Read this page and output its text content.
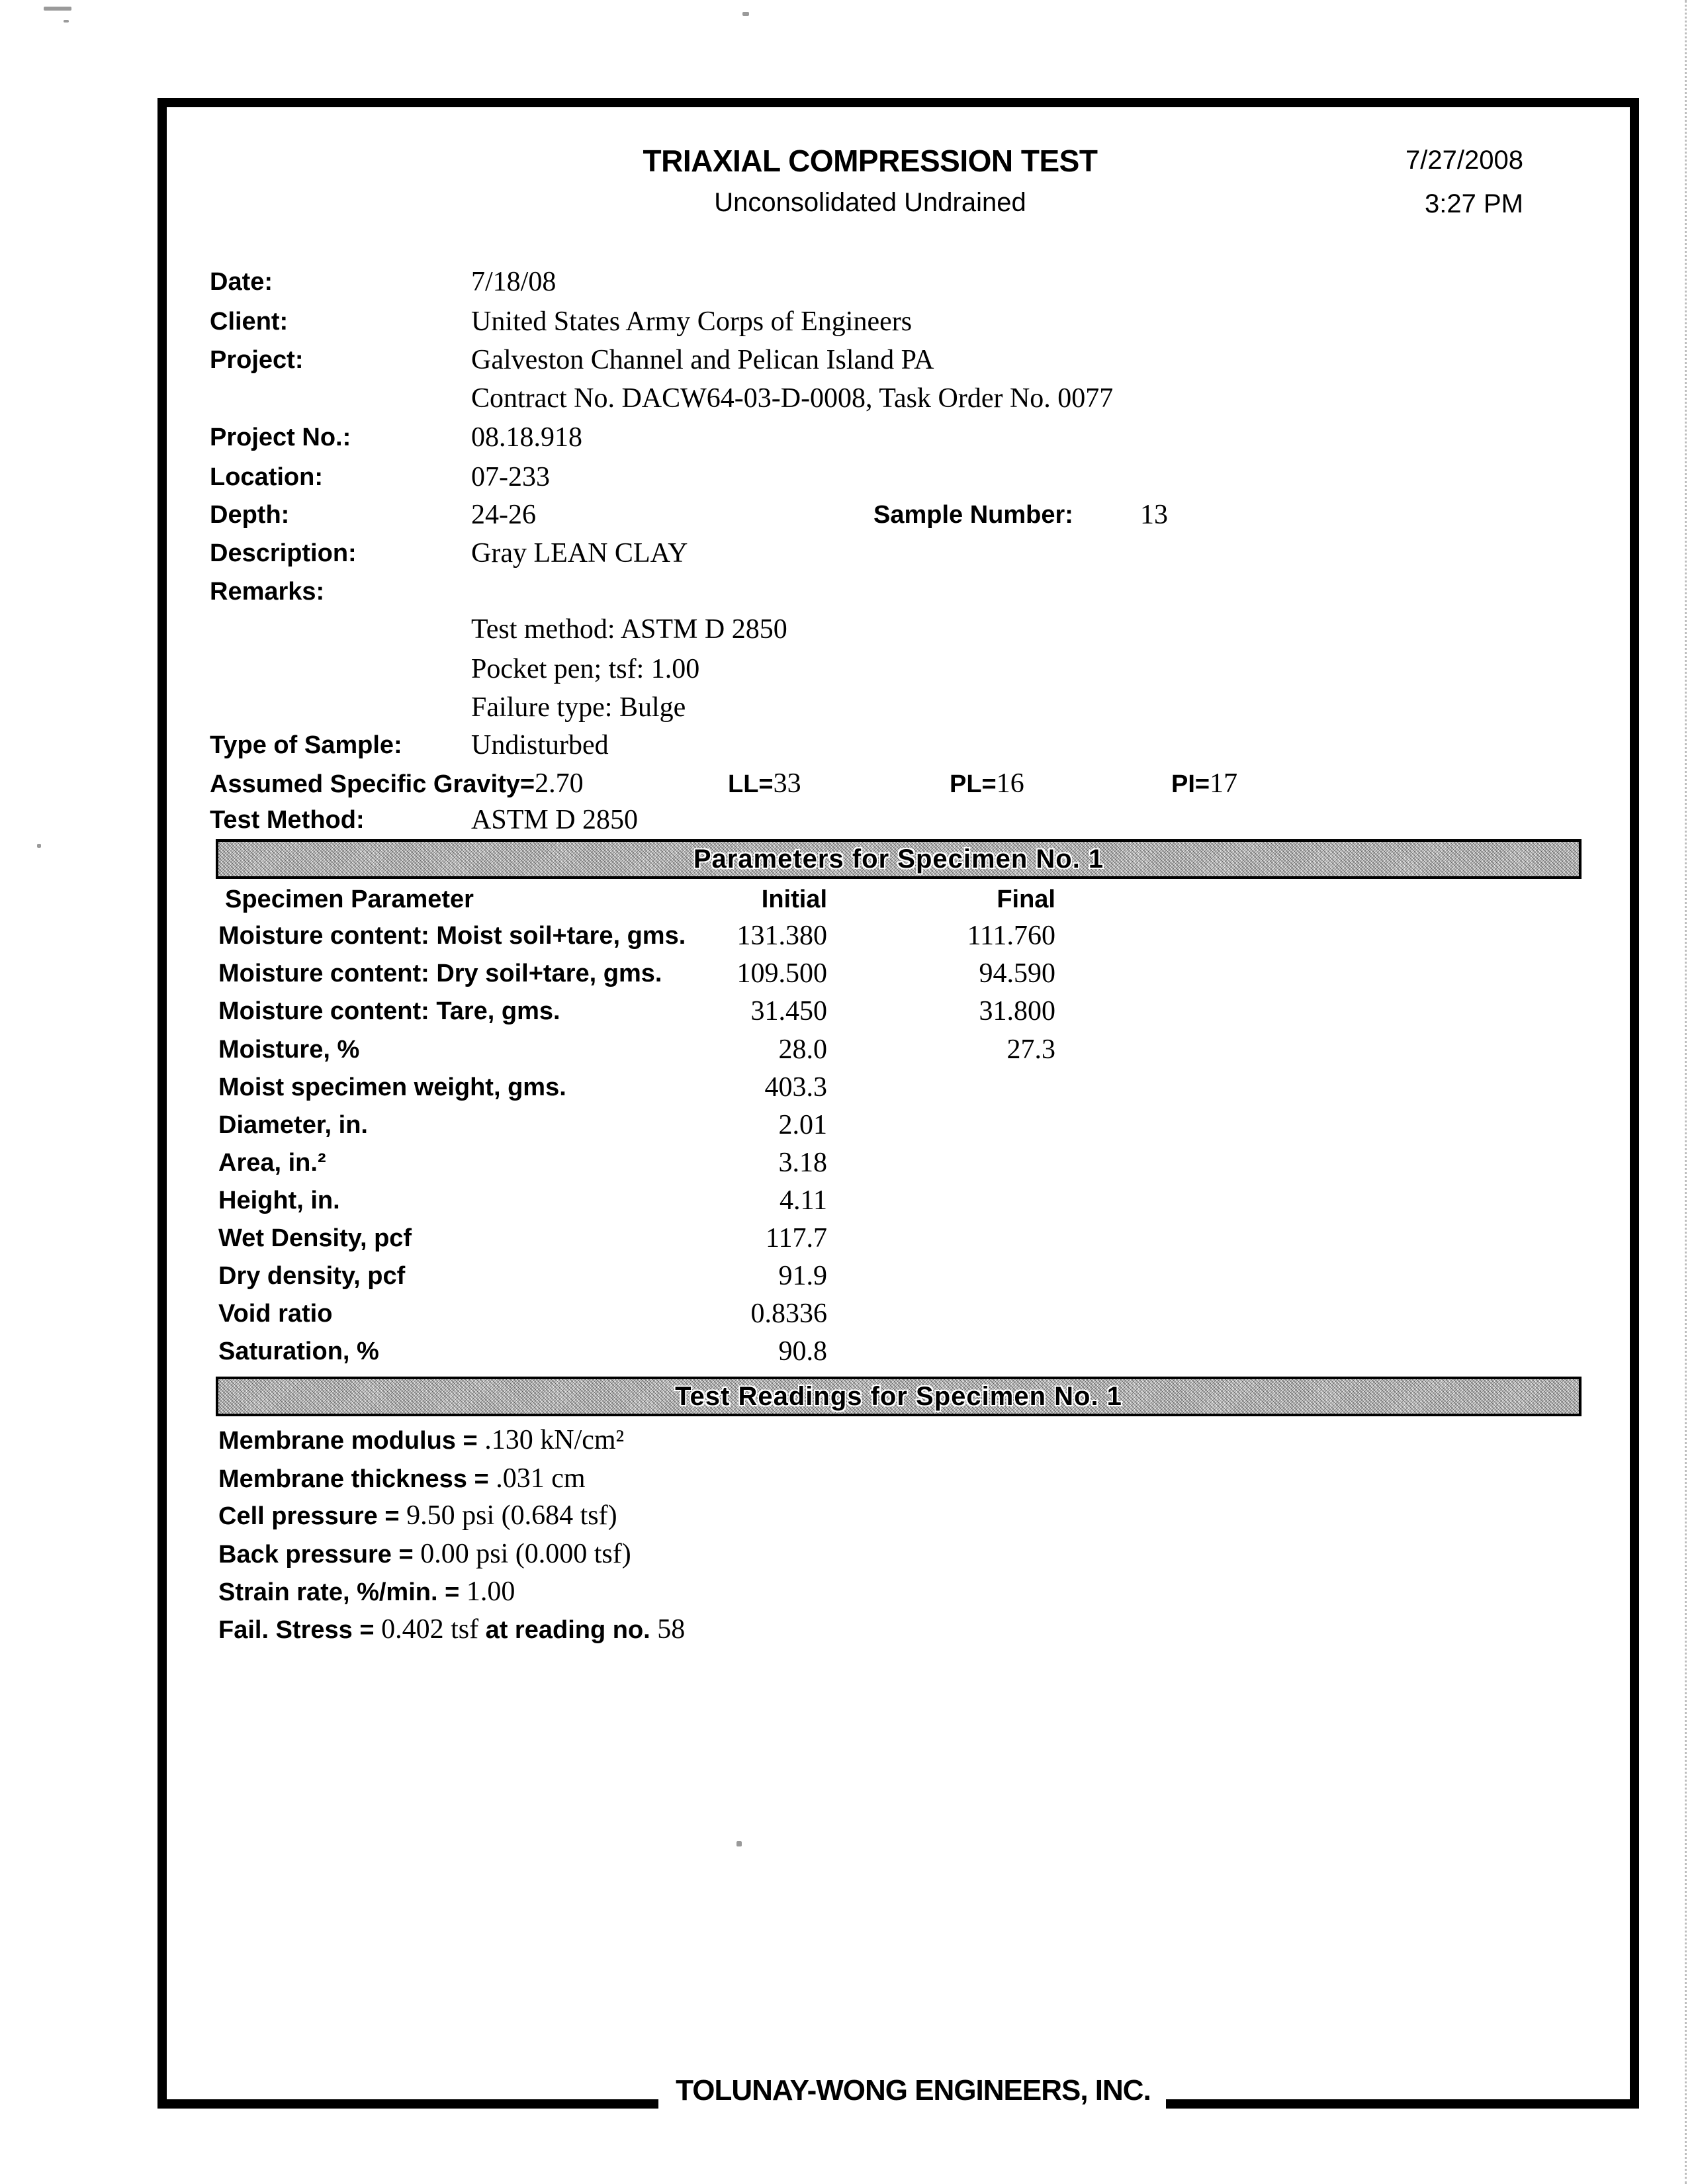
TRIAXIAL COMPRESSION TEST
Unconsolidated Undrained
7/27/2008
3:27 PM
Date:	7/18/08
Client:	United States Army Corps of Engineers
Project:	Galveston Channel and Pelican Island PA
Contract No. DACW64-03-D-0008, Task Order No. 0077
Project No.:	08.18.918
Location:	07-233
Depth:	24-26	Sample Number: 13
Description:	Gray LEAN CLAY
Remarks:
Test method: ASTM D 2850
Pocket pen; tsf: 1.00
Failure type: Bulge
Type of Sample: Undisturbed
Assumed Specific Gravity=2.70	LL=33	PL=16	PI=17
Test Method:	ASTM D 2850
Parameters for Specimen No. 1
Specimen Parameter	Initial	Final
Moisture content: Moist soil+tare, gms.	131.380	111.760
Moisture content: Dry soil+tare, gms.	109.500	94.590
Moisture content: Tare, gms.	31.450	31.800
Moisture, %	28.0	27.3
Moist specimen weight, gms.	403.3
Diameter, in.	2.01
Area, in.²	3.18
Height, in.	4.11
Wet Density, pcf	117.7
Dry density, pcf	91.9
Void ratio	0.8336
Saturation, %	90.8
Test Readings for Specimen No. 1
Membrane modulus = .130 kN/cm²
Membrane thickness = .031 cm
Cell pressure = 9.50 psi (0.684 tsf)
Back pressure = 0.00 psi (0.000 tsf)
Strain rate, %/min. = 1.00
Fail. Stress = 0.402 tsf at reading no. 58
TOLUNAY-WONG ENGINEERS, INC.
